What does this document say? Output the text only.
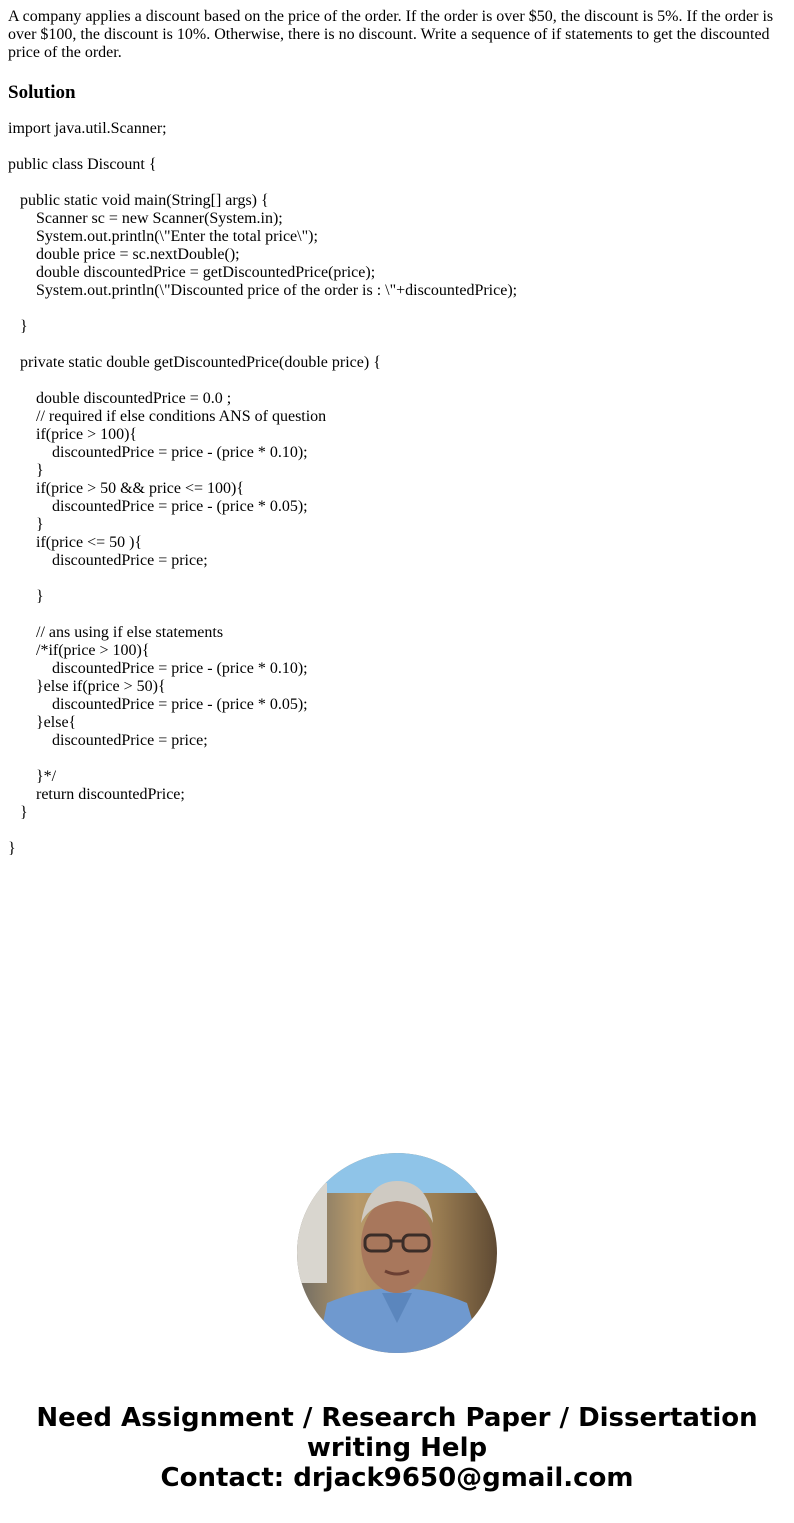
A company applies a discount based on the price of the order. If the order is over $50, the discount is 5%. If the order is over $100, the discount is 10%. Otherwise, there is no discount. Write a sequence of if statements to get the discounted price of the order.

Solution
import java.util.Scanner;
public class Discount {
public static void main(String[] args) {
Scanner sc = new Scanner(System.in);
System.out.println(\"Enter the total price\");
double price = sc.nextDouble();
double discountedPrice = getDiscountedPrice(price);
System.out.println(\"Discounted price of the order is : \"+discountedPrice);
}
private static double getDiscountedPrice(double price) {
double discountedPrice = 0.0 ;
// required if else conditions ANS of question
if(price > 100){
discountedPrice = price - (price * 0.10);
}
if(price > 50 && price <= 100){
discountedPrice = price - (price * 0.05);
}
if(price <= 50 ){
discountedPrice = price;
}
// ans using if else statements
/*if(price > 100){
discountedPrice = price - (price * 0.10);
}else if(price > 50){
discountedPrice = price - (price * 0.05);
}else{
discountedPrice = price;
}*/
return discountedPrice;
}
}
Need Assignment / Research Paper / Dissertation
writing Help
Contact: drjack9650@gmail.com
